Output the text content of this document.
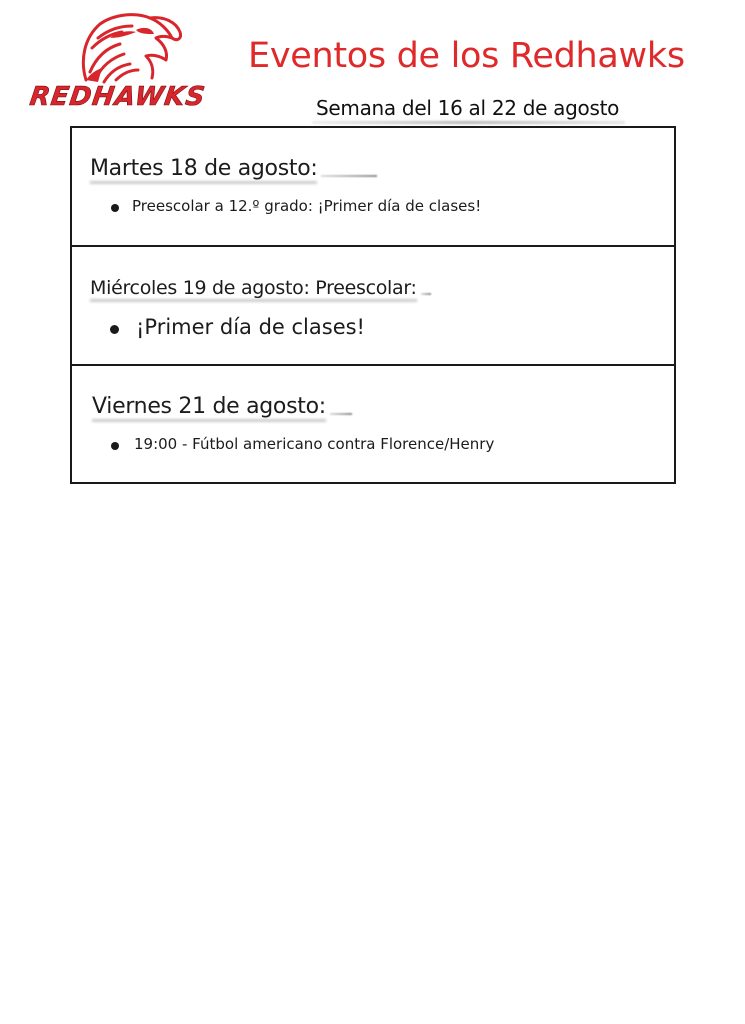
REDHAWKS
Eventos de los Redhawks
Semana del 16 al 22 de agosto
Martes 18 de agosto:
Preescolar a 12.º grado: ¡Primer día de clases!
Miércoles 19 de agosto: Preescolar:
¡Primer día de clases!
Viernes 21 de agosto:
19:00 - Fútbol americano contra Florence/Henry
